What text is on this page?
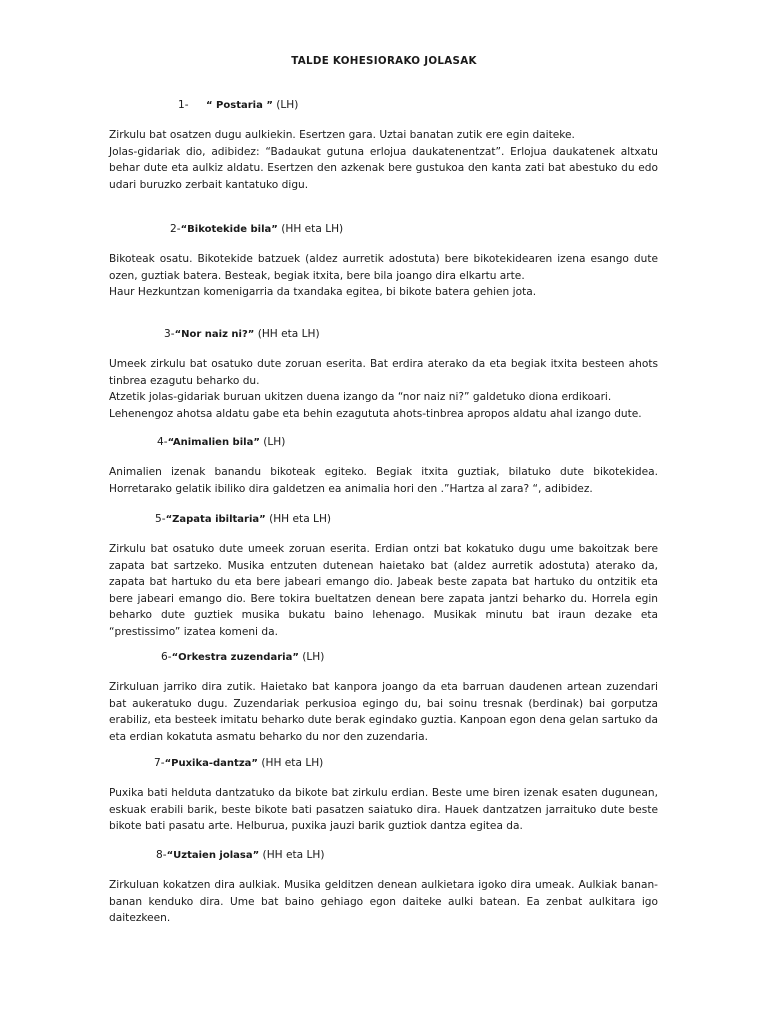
TALDE KOHESIORAKO JOLASAK
1- “ Postaria ” (LH)

Zirkulu bat osatzen dugu aulkiekin. Esertzen gara. Uztai banatan zutik ere egin daiteke.

Jolas-gidariak dio, adibidez: “Badaukat gutuna erlojua daukatenentzat”. Erlojua daukatenek altxatu behar dute eta aulkiz aldatu. Esertzen den azkenak bere gustukoa den kanta zati bat abestuko du edo udari buruzko zerbait kantatuko digu.

2-“Bikotekide bila” (HH eta LH)

Bikoteak osatu. Bikotekide batzuek (aldez aurretik adostuta) bere bikotekidearen izena esango dute ozen, guztiak batera. Besteak, begiak itxita, bere bila joango dira elkartu arte.

Haur Hezkuntzan komenigarria da txandaka egitea, bi bikote batera gehien jota.

3-“Nor naiz ni?” (HH eta LH)

Umeek zirkulu bat osatuko dute zoruan eserita. Bat erdira aterako da eta begiak itxita besteen ahots tinbrea ezagutu beharko du.

Atzetik jolas-gidariak buruan ukitzen duena izango da “nor naiz ni?” galdetuko diona erdikoari.

Lehenengoz ahotsa aldatu gabe eta behin ezagututa ahots-tinbrea apropos aldatu ahal izango dute.

4-“Animalien bila” (LH)

Animalien izenak banandu bikoteak egiteko. Begiak itxita guztiak, bilatuko dute bikotekidea. Horretarako gelatik ibiliko dira galdetzen ea animalia hori den .”Hartza al zara? “, adibidez.

5-“Zapata ibiltaria” (HH eta LH)

Zirkulu bat osatuko dute umeek zoruan eserita. Erdian ontzi bat kokatuko dugu ume bakoitzak bere zapata bat sartzeko. Musika entzuten dutenean haietako bat (aldez aurretik adostuta) aterako da, zapata bat hartuko du eta bere jabeari emango dio. Jabeak beste zapata bat hartuko du ontzitik eta bere jabeari emango dio. Bere tokira bueltatzen denean bere zapata jantzi beharko du. Horrela egin beharko dute guztiek musika bukatu baino lehenago. Musikak minutu bat iraun dezake eta “prestissimo” izatea komeni da.

6-“Orkestra zuzendaria” (LH)

Zirkuluan jarriko dira zutik. Haietako bat kanpora joango da eta barruan daudenen artean zuzendari bat aukeratuko dugu. Zuzendariak perkusioa egingo du, bai soinu tresnak (berdinak) bai gorputza erabiliz, eta besteek imitatu beharko dute berak egindako guztia. Kanpoan egon dena gelan sartuko da eta erdian kokatuta asmatu beharko du nor den zuzendaria.

7-“Puxika-dantza” (HH eta LH)

Puxika bati helduta dantzatuko da bikote bat zirkulu erdian. Beste ume biren izenak esaten dugunean, eskuak erabili barik, beste bikote bati pasatzen saiatuko dira. Hauek dantzatzen jarraituko dute beste bikote bati pasatu arte. Helburua, puxika jauzi barik guztiok dantza egitea da.

8-“Uztaien jolasa” (HH eta LH)

Zirkuluan kokatzen dira aulkiak. Musika gelditzen denean aulkietara igoko dira umeak. Aulkiak banan-banan kenduko dira. Ume bat baino gehiago egon daiteke aulki batean. Ea zenbat aulkitara igo daitezkeen.
